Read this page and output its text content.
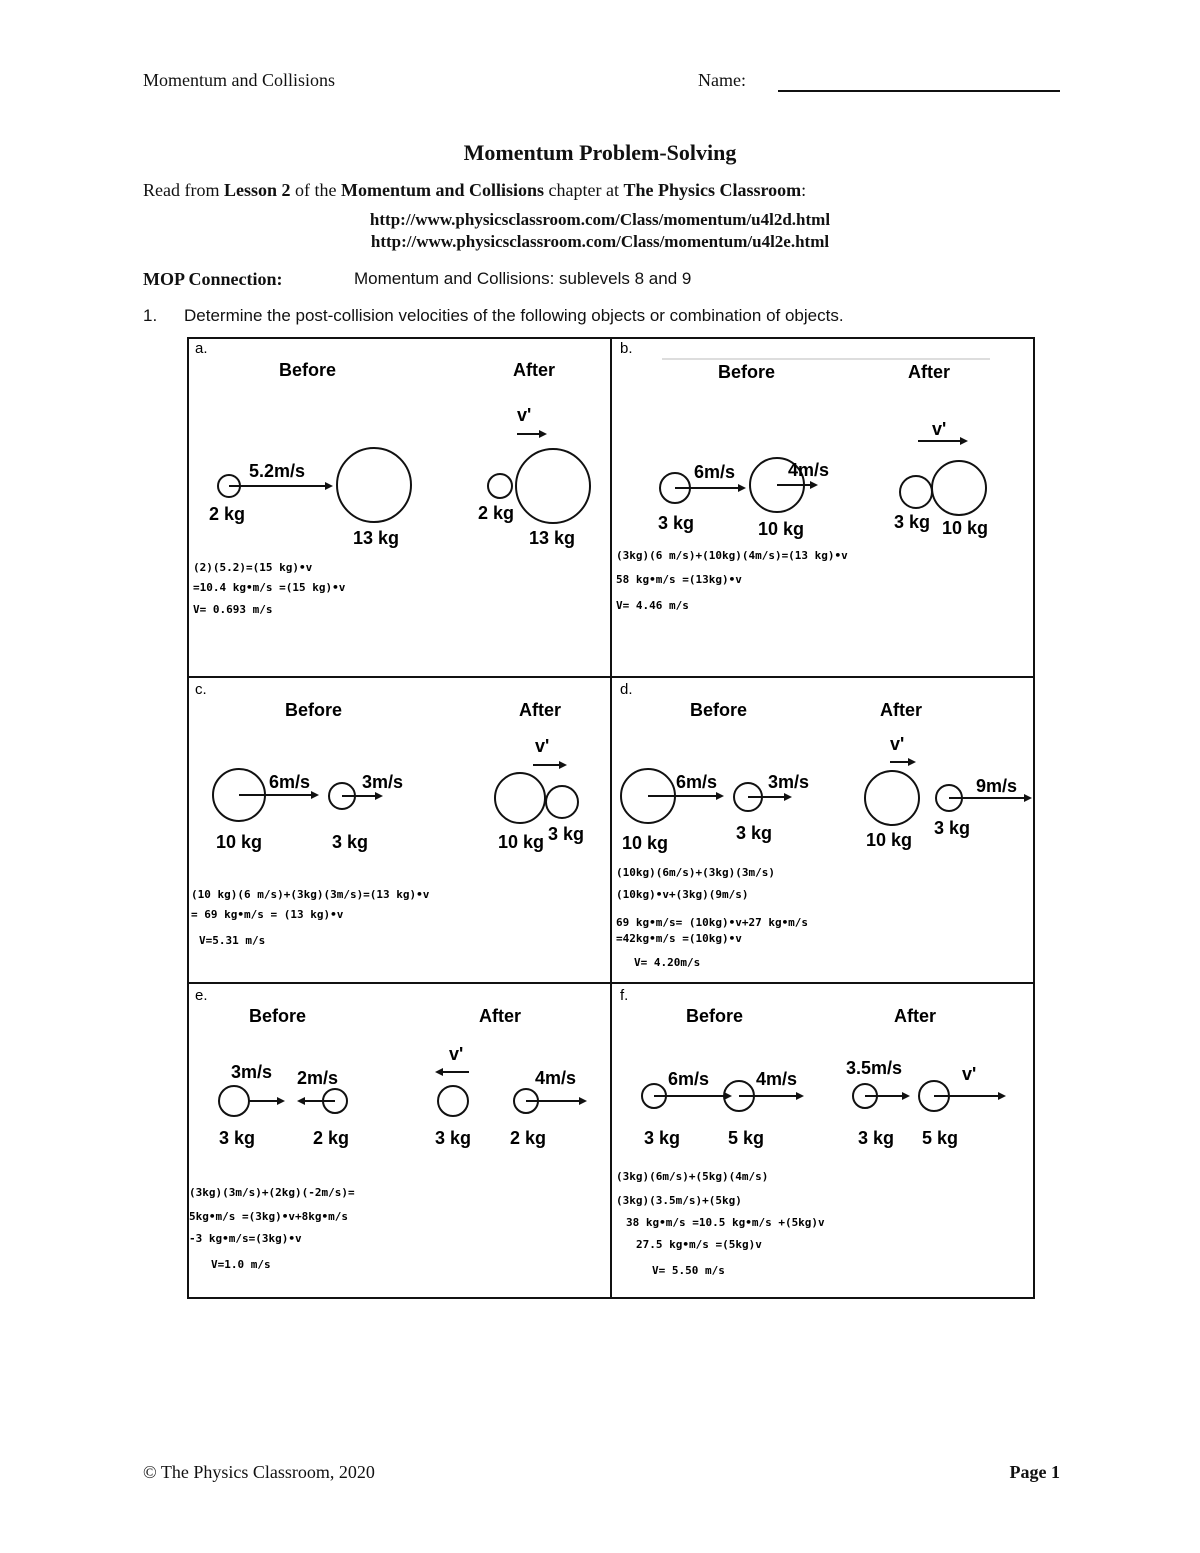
Momentum and Collisions	Name:
Momentum Problem-Solving
Read from Lesson 2 of the Momentum and Collisions chapter at The Physics Classroom:
http://www.physicsclassroom.com/Class/momentum/u4l2d.html
http://www.physicsclassroom.com/Class/momentum/u4l2e.html
MOP Connection:	Momentum and Collisions: sublevels 8 and 9
1. Determine the post-collision velocities of the following objects or combination of objects.
a.
Before	After
5.2m/s
2 kg
13 kg
v'
2 kg
13 kg
(2)(5.2)=(15 kg)•v
=10.4 kg•m/s =(15 kg)•v
V= 0.693 m/s
b.
Before	After
6m/s
3 kg
4m/s
10 kg
v'
3 kg 10 kg
(3kg)(6 m/s)+(10kg)(4m/s)=(13 kg)•v
58 kg•m/s =(13kg)•v
V= 4.46 m/s
c.
Before	After
6m/s
10 kg
3m/s
3 kg
v'
10 kg 3 kg
(10 kg)(6 m/s)+(3kg)(3m/s)=(13 kg)•v
= 69 kg•m/s = (13 kg)•v
V=5.31 m/s
d.
Before	After
6m/s
10 kg
3m/s
3 kg
v'
10 kg
9m/s
3 kg
(10kg)(6m/s)+(3kg)(3m/s)
(10kg)•v+(3kg)(9m/s)
69 kg•m/s= (10kg)•v+27 kg•m/s
=42kg•m/s =(10kg)•v
V= 4.20m/s
e.
Before	After
3m/s
3 kg
2m/s
2 kg
v'
3 kg
4m/s
2 kg
(3kg)(3m/s)+(2kg)(-2m/s)=
5kg•m/s =(3kg)•v+8kg•m/s
-3 kg•m/s=(3kg)•v
V=1.0 m/s
f.
Before	After
6m/s
3 kg
4m/s
5 kg
3.5m/s
3 kg
v'
5 kg
(3kg)(6m/s)+(5kg)(4m/s)
(3kg)(3.5m/s)+(5kg)
38 kg•m/s =10.5 kg•m/s +(5kg)v
27.5 kg•m/s =(5kg)v
V= 5.50 m/s
© The Physics Classroom, 2020	Page 1
